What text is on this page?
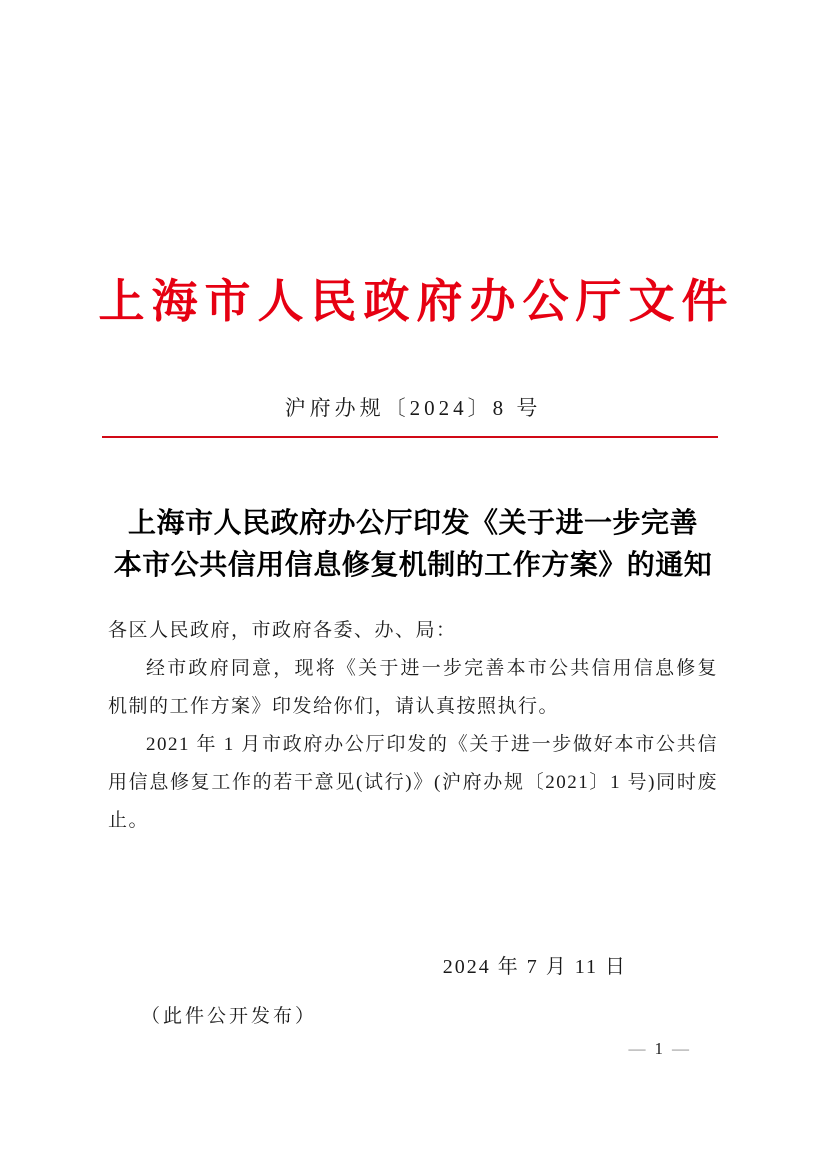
上海市人民政府办公厅文件
沪府办规〔2024〕8 号
上海市人民政府办公厅印发《关于进一步完善
本市公共信用信息修复机制的工作方案》的通知

各区人民政府，市政府各委、办、局：

经市政府同意，现将《关于进一步完善本市公共信用信息修复机制的工作方案》印发给你们，请认真按照执行。

2021 年 1 月市政府办公厅印发的《关于进一步做好本市公共信用信息修复工作的若干意见(试行)》(沪府办规〔2021〕1 号)同时废止。

2024 年 7 月 11 日
（此件公开发布）
— 1 —
